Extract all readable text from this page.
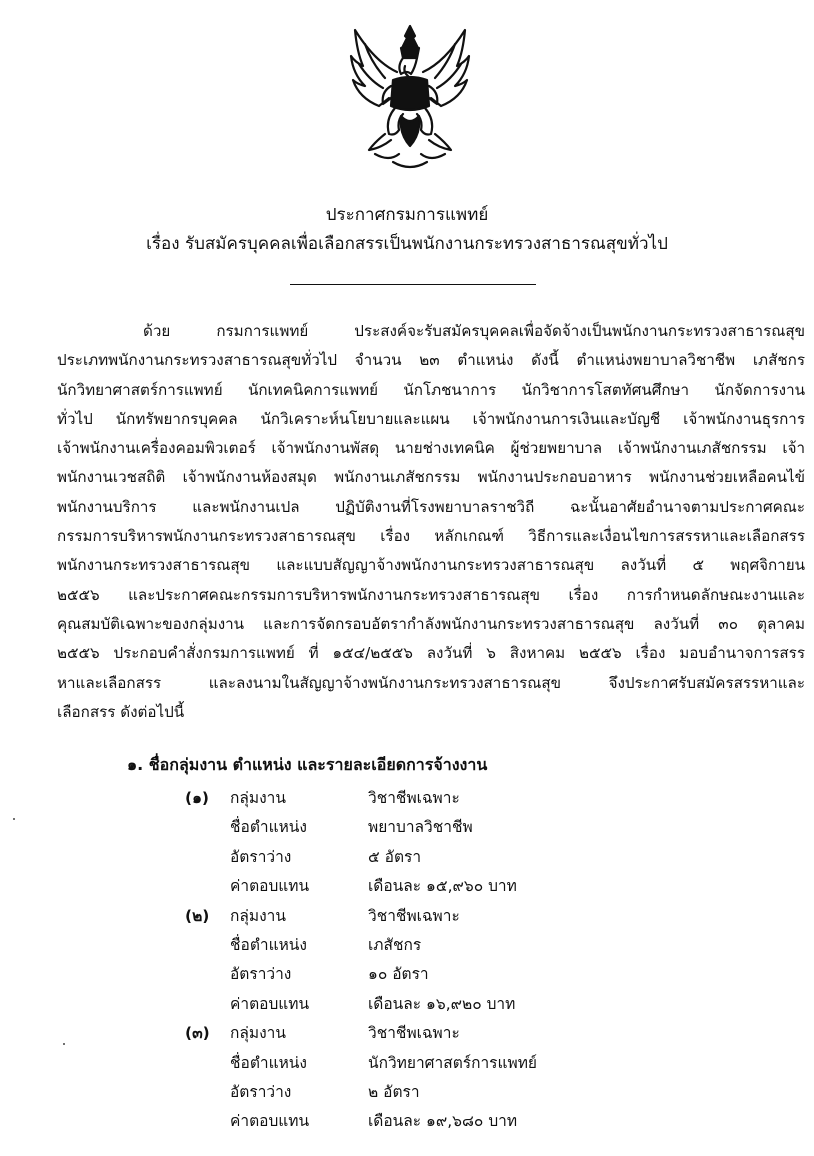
ประกาศกรมการแพทย์
เรื่อง รับสมัครบุคคลเพื่อเลือกสรรเป็นพนักงานกระทรวงสาธารณสุขทั่วไป
ด้วย กรมการแพทย์ ประสงค์จะรับสมัครบุคคลเพื่อจัดจ้างเป็นพนักงานกระทรวงสาธารณสุข
ประเภทพนักงานกระทรวงสาธารณสุขทั่วไป จำนวน ๒๓ ตำแหน่ง ดังนี้ ตำแหน่งพยาบาลวิชาชีพ เภสัชกร
นักวิทยาศาสตร์การแพทย์ นักเทคนิคการแพทย์ นักโภชนาการ นักวิชาการโสตทัศนศึกษา นักจัดการงาน
ทั่วไป นักทรัพยากรบุคคล นักวิเคราะห์นโยบายและแผน เจ้าพนักงานการเงินและบัญชี เจ้าพนักงานธุรการ
เจ้าพนักงานเครื่องคอมพิวเตอร์ เจ้าพนักงานพัสดุ นายช่างเทคนิค ผู้ช่วยพยาบาล เจ้าพนักงานเภสัชกรรม เจ้า
พนักงานเวชสถิติ เจ้าพนักงานห้องสมุด พนักงานเภสัชกรรม พนักงานประกอบอาหาร พนักงานช่วยเหลือคนไข้
พนักงานบริการ และพนักงานเปล ปฏิบัติงานที่โรงพยาบาลราชวิถี ฉะนั้นอาศัยอำนาจตามประกาศคณะ
กรรมการบริหารพนักงานกระทรวงสาธารณสุข เรื่อง หลักเกณฑ์ วิธีการและเงื่อนไขการสรรหาและเลือกสรร
พนักงานกระทรวงสาธารณสุข และแบบสัญญาจ้างพนักงานกระทรวงสาธารณสุข ลงวันที่ ๕ พฤศจิกายน
๒๕๕๖ และประกาศคณะกรรมการบริหารพนักงานกระทรวงสาธารณสุข เรื่อง การกำหนดลักษณะงานและ
คุณสมบัติเฉพาะของกลุ่มงาน และการจัดกรอบอัตรากำลังพนักงานกระทรวงสาธารณสุข ลงวันที่ ๓๐ ตุลาคม
๒๕๕๖ ประกอบคำสั่งกรมการแพทย์ ที่ ๑๕๔/๒๕๕๖ ลงวันที่ ๖ สิงหาคม ๒๕๕๖ เรื่อง มอบอำนาจการสรร
หาและเลือกสรร และลงนามในสัญญาจ้างพนักงานกระทรวงสาธารณสุข จึงประกาศรับสมัครสรรหาและ
เลือกสรร ดังต่อไปนี้
๑. ชื่อกลุ่มงาน ตำแหน่ง และรายละเอียดการจ้างงาน
(๑) กลุ่มงาน	วิชาชีพเฉพาะ
ชื่อตำแหน่ง	พยาบาลวิชาชีพ
อัตราว่าง	๕ อัตรา
ค่าตอบแทน	เดือนละ ๑๕,๙๖๐ บาท
(๒) กลุ่มงาน	วิชาชีพเฉพาะ
ชื่อตำแหน่ง	เภสัชกร
อัตราว่าง	๑๐ อัตรา
ค่าตอบแทน	เดือนละ ๑๖,๙๒๐ บาท
(๓) กลุ่มงาน	วิชาชีพเฉพาะ
ชื่อตำแหน่ง	นักวิทยาศาสตร์การแพทย์
อัตราว่าง	๒ อัตรา
ค่าตอบแทน	เดือนละ ๑๙,๖๘๐ บาท
